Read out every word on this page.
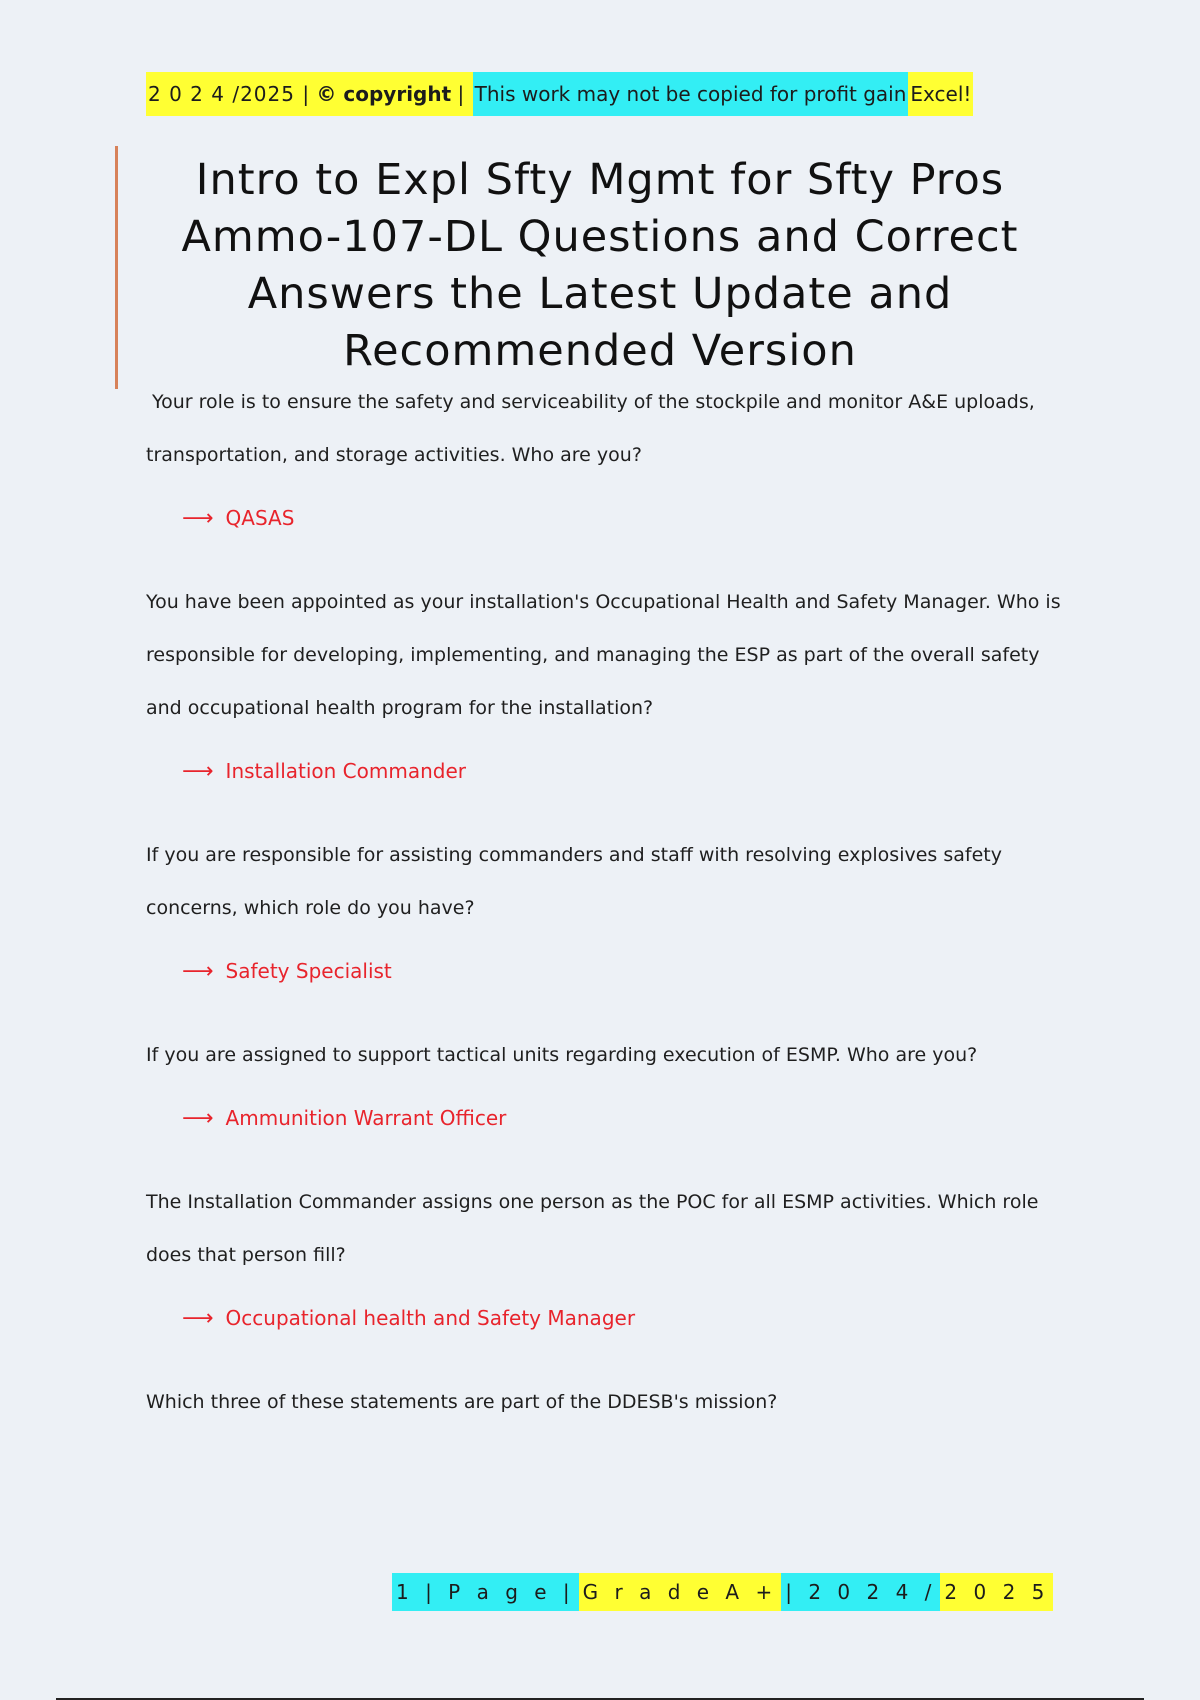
2 0 2 4 /2025 |
© copyright
|
This work may not be copied for profit gain Excel!
Intro to Expl Sfty Mgmt for Sfty Pros Ammo-107-DL Questions and Correct Answers the Latest Update and Recommended Version

Your role is to ensure the safety and serviceability of the stockpile and monitor A&E uploads, transportation, and storage activities. Who are you?

⟶ QASAS

You have been appointed as your installation's Occupational Health and Safety Manager. Who is responsible for developing, implementing, and managing the ESP as part of the overall safety and occupational health program for the installation?

⟶ Installation Commander

If you are responsible for assisting commanders and staff with resolving explosives safety concerns, which role do you have?

⟶ Safety Specialist

If you are assigned to support tactical units regarding execution of ESMP. Who are you?

⟶ Ammunition Warrant Officer

The Installation Commander assigns one person as the POC for all ESMP activities. Which role does that person fill?

⟶ Occupational health and Safety Manager

Which three of these statements are part of the DDESB's mission?

1 | P a g e | G r a d e A + | 2 0 2 4 / 2 0 2 5
